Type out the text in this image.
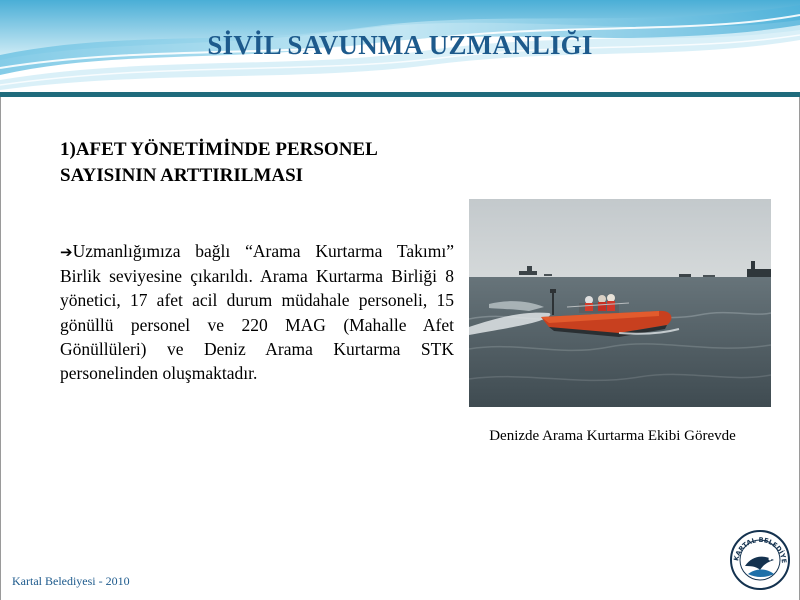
SİVİL SAVUNMA UZMANLIĞI
1)AFET YÖNETİMİNDE PERSONEL SAYISININ ARTTIRILMASI
➔Uzmanlığımıza bağlı “Arama Kurtarma Takımı” Birlik seviyesine çıkarıldı. Arama Kurtarma Birliği 8 yönetici, 17 afet acil durum müdahale personeli, 15 gönüllü personel ve 220 MAG (Mahalle Afet Gönüllüleri) ve Deniz Arama Kurtarma STK personelinden oluşmaktadır.
Denizde Arama Kurtarma Ekibi Görevde
Kartal Belediyesi - 2010
KARTAL BELEDİYE
